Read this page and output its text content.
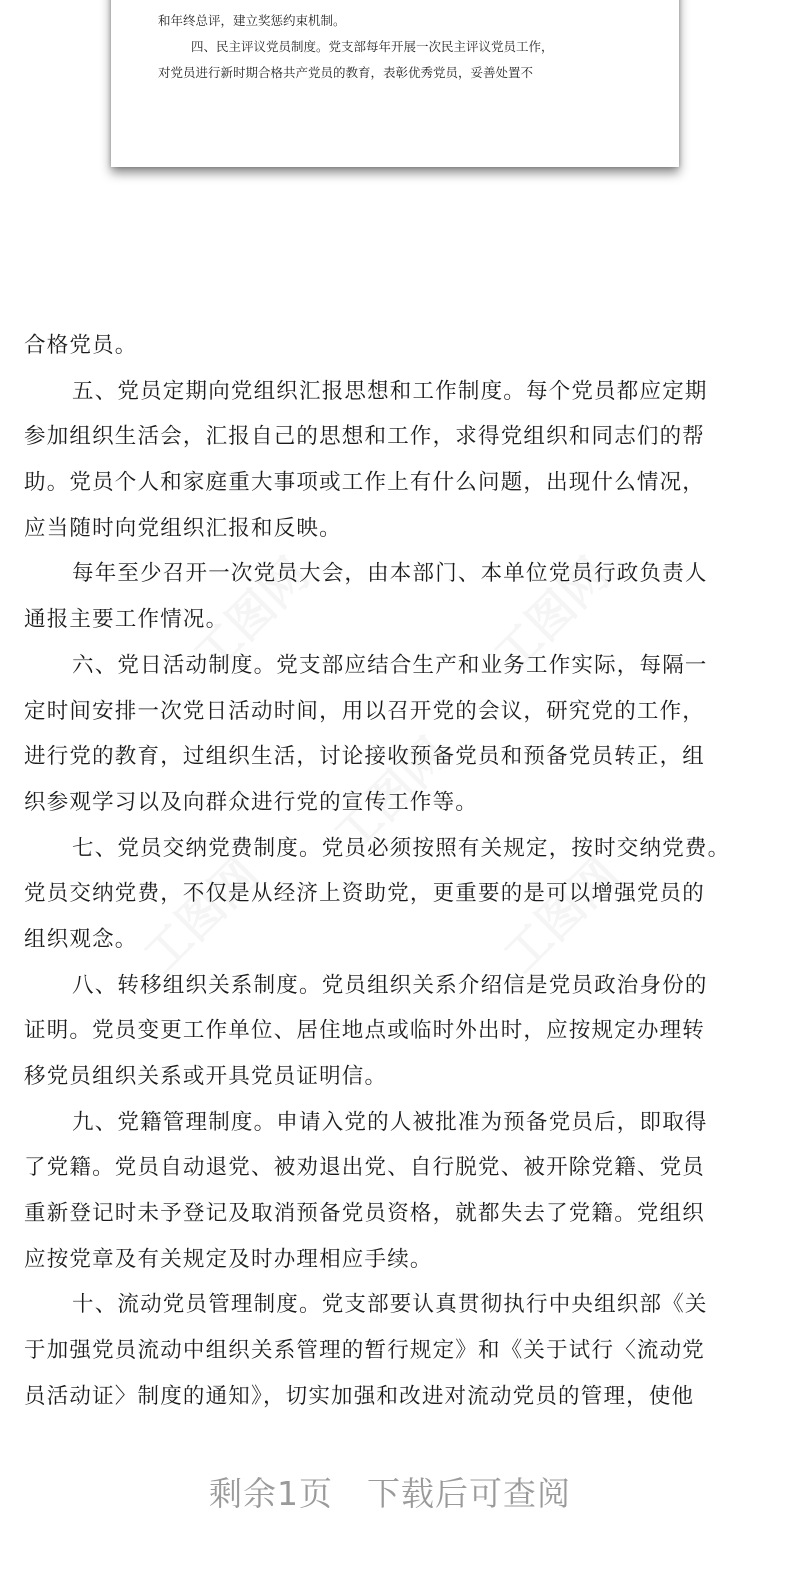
和年终总评，建立奖惩约束机制。

四、民主评议党员制度。党支部每年开展一次民主评议党员工作，

对党员进行新时期合格共产党员的教育，表彰优秀党员，妥善处置不

工图网	工图网
工图网
工图网	工图网
合格党员。
五、党员定期向党组织汇报思想和工作制度。每个党员都应定期
参加组织生活会，汇报自己的思想和工作，求得党组织和同志们的帮
助。党员个人和家庭重大事项或工作上有什么问题，出现什么情况，
应当随时向党组织汇报和反映。
每年至少召开一次党员大会，由本部门、本单位党员行政负责人
通报主要工作情况。
六、党日活动制度。党支部应结合生产和业务工作实际，每隔一
定时间安排一次党日活动时间，用以召开党的会议，研究党的工作，
进行党的教育，过组织生活，讨论接收预备党员和预备党员转正，组
织参观学习以及向群众进行党的宣传工作等。
七、党员交纳党费制度。党员必须按照有关规定，按时交纳党费。
党员交纳党费，不仅是从经济上资助党，更重要的是可以增强党员的
组织观念。
八、转移组织关系制度。党员组织关系介绍信是党员政治身份的
证明。党员变更工作单位、居住地点或临时外出时，应按规定办理转
移党员组织关系或开具党员证明信。
九、党籍管理制度。申请入党的人被批准为预备党员后，即取得
了党籍。党员自动退党、被劝退出党、自行脱党、被开除党籍、党员
重新登记时未予登记及取消预备党员资格，就都失去了党籍。党组织
应按党章及有关规定及时办理相应手续。
十、流动党员管理制度。党支部要认真贯彻执行中央组织部《关
于加强党员流动中组织关系管理的暂行规定》和《关于试行〈流动党
员活动证〉制度的通知》，切实加强和改进对流动党员的管理，使他
剩余1页 下载后可查阅
